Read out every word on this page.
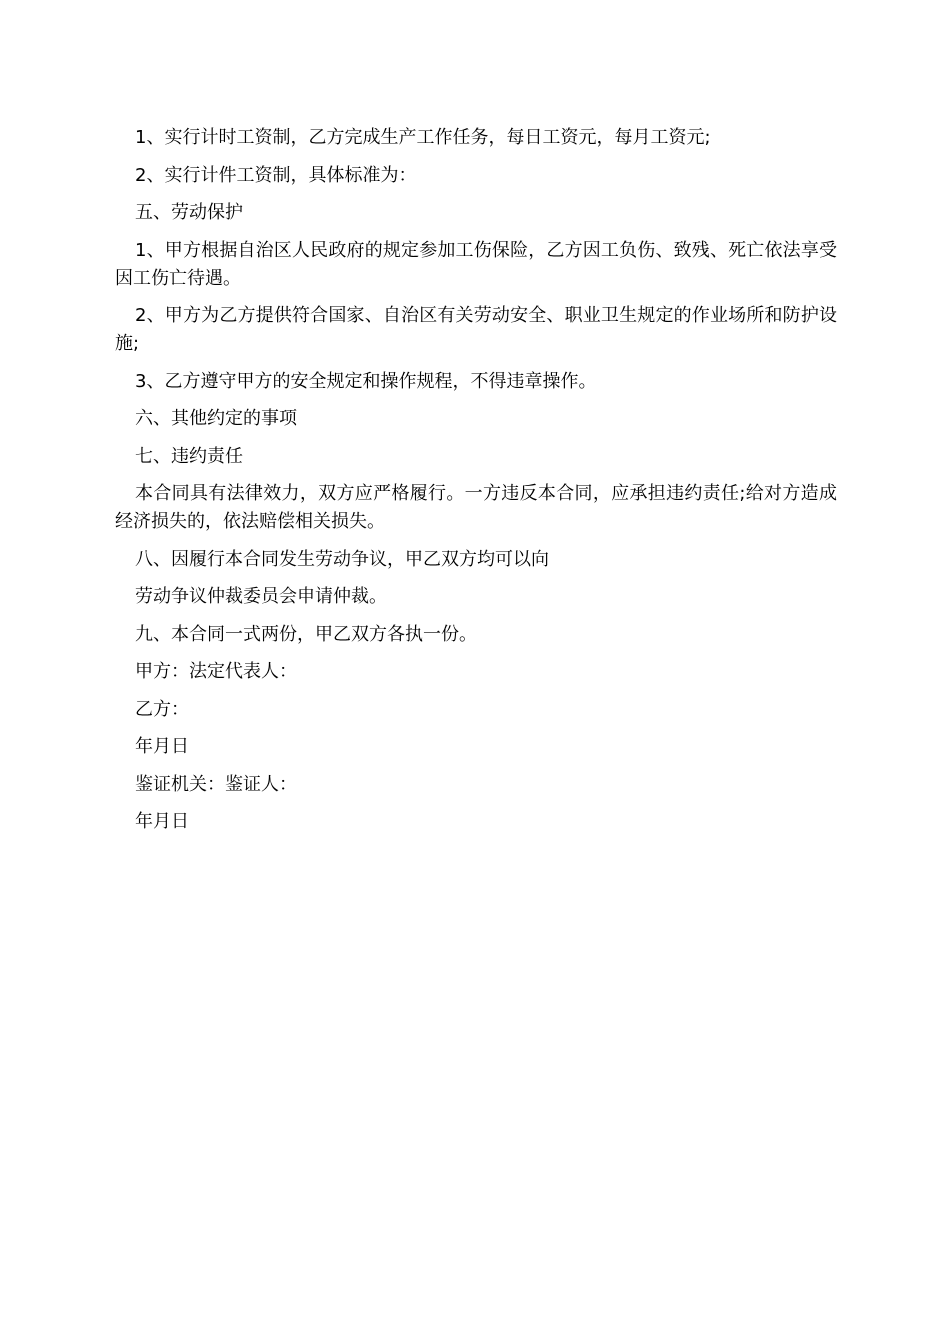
1、实行计时工资制，乙方完成生产工作任务，每日工资元，每月工资元;

2、实行计件工资制，具体标准为：

五、劳动保护

1、甲方根据自治区人民政府的规定参加工伤保险，乙方因工负伤、致残、死亡依法享受因工伤亡待遇。

2、甲方为乙方提供符合国家、自治区有关劳动安全、职业卫生规定的作业场所和防护设施;

3、乙方遵守甲方的安全规定和操作规程，不得违章操作。

六、其他约定的事项

七、违约责任

本合同具有法律效力，双方应严格履行。一方违反本合同，应承担违约责任;给对方造成经济损失的，依法赔偿相关损失。

八、因履行本合同发生劳动争议，甲乙双方均可以向

劳动争议仲裁委员会申请仲裁。

九、本合同一式两份，甲乙双方各执一份。

甲方：法定代表人：

乙方：

年月日

鉴证机关：鉴证人：

年月日
